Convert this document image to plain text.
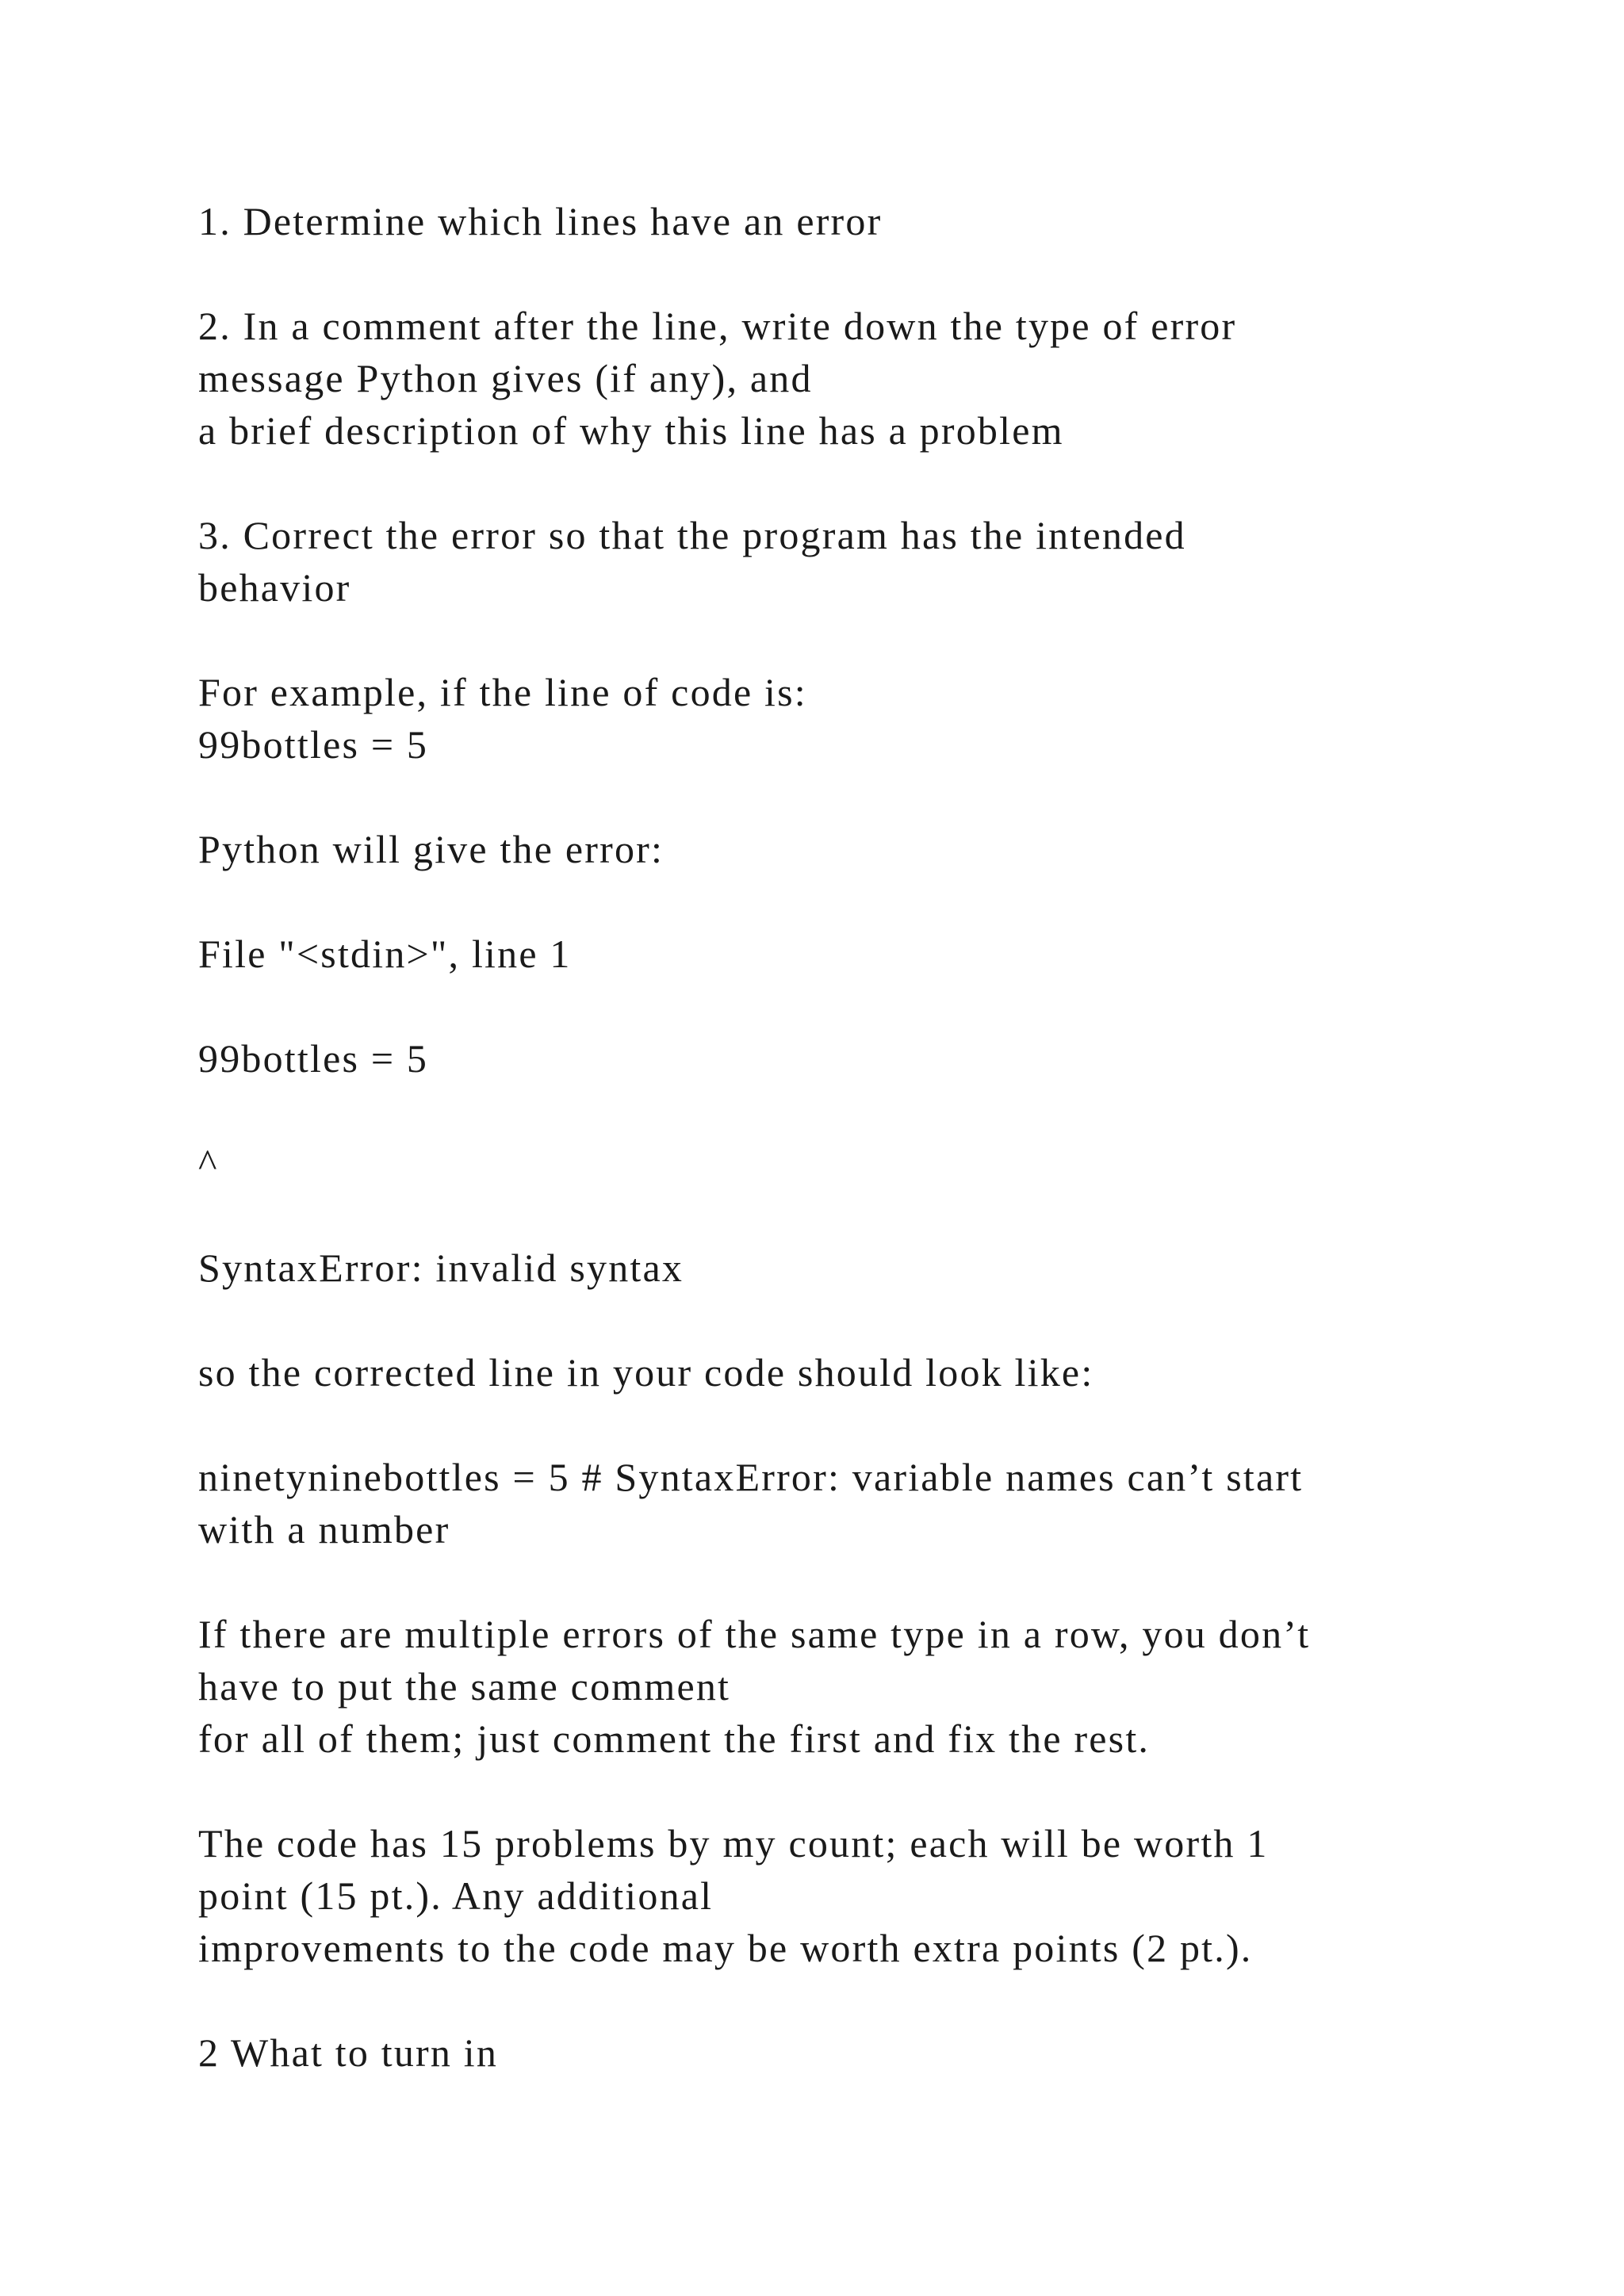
1. Determine which lines have an error
2. In a comment after the line, write down the type of error
message Python gives (if any), and
a brief description of why this line has a problem
3. Correct the error so that the program has the intended
behavior
For example, if the line of code is:
99bottles = 5
Python will give the error:
File "<stdin>", line 1
99bottles = 5
^
SyntaxError: invalid syntax
so the corrected line in your code should look like:
ninetyninebottles = 5 # SyntaxError: variable names can’t start
with a number
If there are multiple errors of the same type in a row, you don’t
have to put the same comment
for all of them; just comment the first and fix the rest.
The code has 15 problems by my count; each will be worth 1
point (15 pt.). Any additional
improvements to the code may be worth extra points (2 pt.).
2 What to turn in
